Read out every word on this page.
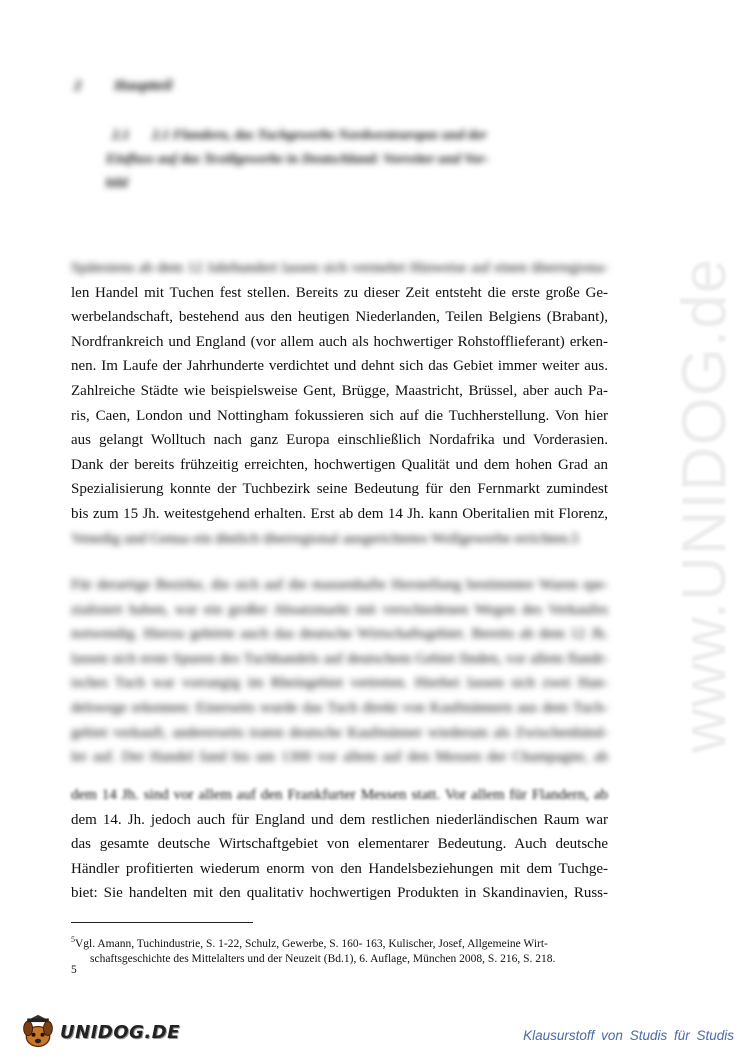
www.UNIDOG.de
2 Hauptteil
2.1 2.1 Flandern, das Tuchgewerbe Nordwesteuropas und der
Einfluss auf das Textilgewerbe in Deutschland: Vorreiter und Vor-
bild
Spätestens ab dem 12 Jahrhundert lassen sich vermehrt Hinweise auf einen überregiona-
len Handel mit Tuchen fest stellen. Bereits zu dieser Zeit entsteht die erste große Ge-
werbelandschaft, bestehend aus den heutigen Niederlanden, Teilen Belgiens (Brabant),
Nordfrankreich und England (vor allem auch als hochwertiger Rohstofflieferant) erken-
nen. Im Laufe der Jahrhunderte verdichtet und dehnt sich das Gebiet immer weiter aus.
Zahlreiche Städte wie beispielsweise Gent, Brügge, Maastricht, Brüssel, aber auch Pa-
ris, Caen, London und Nottingham fokussieren sich auf die Tuchherstellung. Von hier
aus gelangt Wolltuch nach ganz Europa einschließlich Nordafrika und Vorderasien.
Dank der bereits frühzeitig erreichten, hochwertigen Qualität und dem hohen Grad an
Spezialisierung konnte der Tuchbezirk seine Bedeutung für den Fernmarkt zumindest
bis zum 15 Jh. weitestgehend erhalten. Erst ab dem 14 Jh. kann Oberitalien mit Florenz,
Venedig und Genua ein ähnlich überregional ausgerichtetes Wollgewerbe errichten.5
Für derartige Bezirke, die sich auf die massenhafte Herstellung bestimmter Waren spe-
zialisiert haben, war ein großer Absatzmarkt mit verschiedenen Wegen des Verkaufes
notwendig. Hierzu gehörte auch das deutsche Wirtschaftsgebiet. Bereits ab dem 12 Jh.
lassen sich erste Spuren des Tuchhandels auf deutschem Gebiet finden, vor allem flandr-
isches Tuch war vorrangig im Rheingebiet vertreten. Hierbei lassen sich zwei Han-
delswege erkennen: Einerseits wurde das Tuch direkt von Kaufmännern aus dem Tuch-
gebiet verkauft, andererseits traten deutsche Kaufmänner wiederum als Zwischenhänd-
ler auf. Der Handel fand bis um 1300 vor allem auf den Messen der Champagne, ab
dem 14 Jh. sind vor allem auf den Frankfurter Messen statt. Vor allem für Flandern, ab
dem 14. Jh. jedoch auch für England und dem restlichen niederländischen Raum war
das gesamte deutsche Wirtschaftgebiet von elementarer Bedeutung. Auch deutsche
Händler profitierten wiederum enorm von den Handelsbeziehungen mit dem Tuchge-
biet: Sie handelten mit den qualitativ hochwertigen Produkten in Skandinavien, Russ-
$^5$Vgl. Amann, Tuchindustrie, S. 1-22, Schulz, Gewerbe, S. 160- 163, Kulischer, Josef, Allgemeine Wirt-
schaftsgeschichte des Mittelalters und der Neuzeit (Bd.1), 6. Auflage, München 2008, S. 216, S. 218.
5
UNIDOG.DE	Klausurstoff von Studis für Studis
